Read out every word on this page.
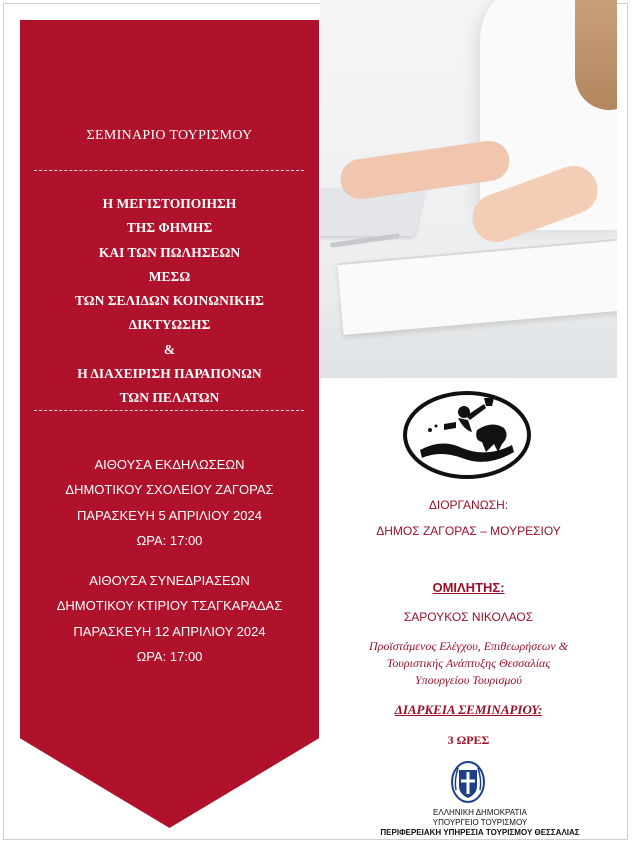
ΣΕΜΙΝΑΡΙΟ ΤΟΥΡΙΣΜΟΥ
Η ΜΕΓΙΣΤΟΠΟΙΗΣΗ
ΤΗΣ ΦΗΜΗΣ
ΚΑΙ ΤΩΝ ΠΩΛΗΣΕΩΝ
ΜΕΣΩ
ΤΩΝ ΣΕΛΙΔΩΝ ΚΟΙΝΩΝΙΚΗΣ
ΔΙΚΤΥΩΣΗΣ
&
Η ΔΙΑΧΕΙΡΙΣΗ ΠΑΡΑΠΟΝΩΝ
ΤΩΝ ΠΕΛΑΤΩΝ
ΑΙΘΟΥΣΑ ΕΚΔΗΛΩΣΕΩΝ
ΔΗΜΟΤΙΚΟΥ ΣΧΟΛΕΙΟΥ ΖΑΓΟΡΑΣ
ΠΑΡΑΣΚΕΥΗ 5 ΑΠΡΙΛΙΟΥ 2024
ΩΡΑ: 17:00
ΑΙΘΟΥΣΑ ΣΥΝΕΔΡΙΑΣΕΩΝ
ΔΗΜΟΤΙΚΟΥ ΚΤΙΡΙΟΥ ΤΣΑΓΚΑΡΑΔΑΣ
ΠΑΡΑΣΚΕΥΗ 12 ΑΠΡΙΛΙΟΥ 2024
ΩΡΑ: 17:00
ΔΙΟΡΓΑΝΩΣΗ:
ΔΗΜΟΣ ΖΑΓΟΡΑΣ – ΜΟΥΡΕΣΙΟΥ
ΟΜΙΛΗΤΗΣ:
ΣΑΡΟΥΚΟΣ ΝΙΚΟΛΑΟΣ
Προϊστάμενος Ελέγχου, Επιθεωρήσεων &
Τουριστικής Ανάπτυξης Θεσσαλίας
Υπουργείου Τουρισμού
ΔΙΑΡΚΕΙΑ ΣΕΜΙΝΑΡΙΟΥ:
3 ΩΡΕΣ
ΕΛΛΗΝΙΚΗ ΔΗΜΟΚΡΑΤΙΑ
ΥΠΟΥΡΓΕΙΟ ΤΟΥΡΙΣΜΟΥ
ΠΕΡΙΦΕΡΕΙΑΚΗ ΥΠΗΡΕΣΙΑ ΤΟΥΡΙΣΜΟΥ ΘΕΣΣΑΛΙΑΣ
